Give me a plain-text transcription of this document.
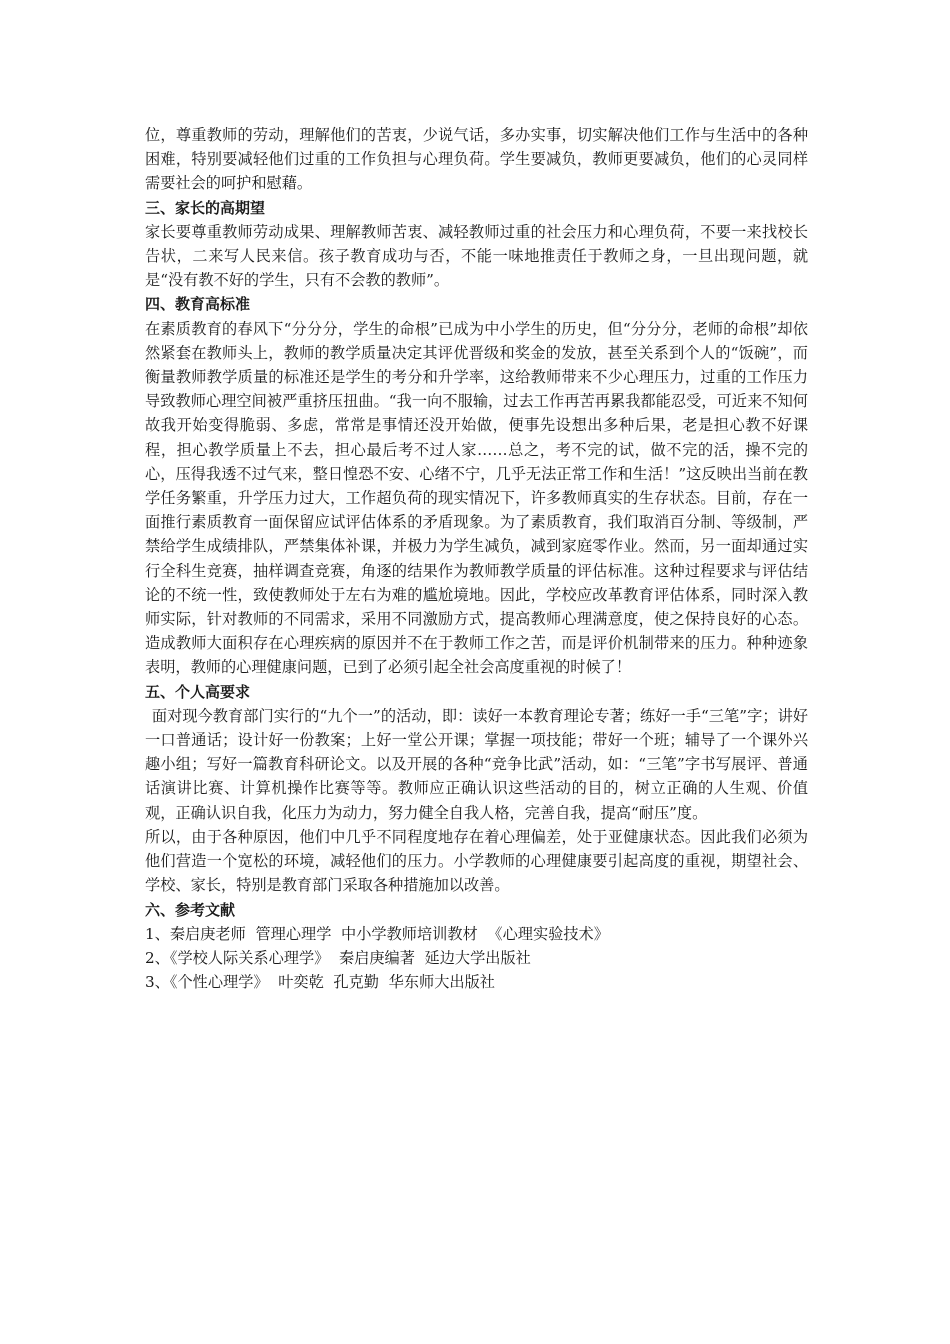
位，尊重教师的劳动，理解他们的苦衷，少说气话，多办实事，切实解决他们工作与生活中的各种困难，特别要减轻他们过重的工作负担与心理负荷。学生要减负，教师更要减负，他们的心灵同样需要社会的呵护和慰藉。

三、家长的高期望

家长要尊重教师劳动成果、理解教师苦衷、减轻教师过重的社会压力和心理负荷，不要一来找校长告状，二来写人民来信。孩子教育成功与否，不能一味地推责任于教师之身，一旦出现问题，就是“没有教不好的学生，只有不会教的教师”。

四、教育高标准

在素质教育的春风下“分分分，学生的命根”已成为中小学生的历史，但“分分分，老师的命根”却依然紧套在教师头上，教师的教学质量决定其评优晋级和奖金的发放，甚至关系到个人的“饭碗”，而衡量教师教学质量的标准还是学生的考分和升学率，这给教师带来不少心理压力，过重的工作压力导致教师心理空间被严重挤压扭曲。“我一向不服输，过去工作再苦再累我都能忍受，可近来不知何故我开始变得脆弱、多虑，常常是事情还没开始做，便事先设想出多种后果，老是担心教不好课程，担心教学质量上不去，担心最后考不过人家……总之，考不完的试，做不完的活，操不完的心，压得我透不过气来，整日惶恐不安、心绪不宁，几乎无法正常工作和生活！”这反映出当前在教学任务繁重，升学压力过大，工作超负荷的现实情况下，许多教师真实的生存状态。目前，存在一面推行素质教育一面保留应试评估体系的矛盾现象。为了素质教育，我们取消百分制、等级制，严禁给学生成绩排队，严禁集体补课，并极力为学生减负，减到家庭零作业。然而，另一面却通过实行全科生竞赛，抽样调查竞赛，角逐的结果作为教师教学质量的评估标准。这种过程要求与评估结论的不统一性，致使教师处于左右为难的尴尬境地。因此，学校应改革教育评估体系，同时深入教师实际，针对教师的不同需求，采用不同激励方式，提高教师心理满意度，使之保持良好的心态。造成教师大面积存在心理疾病的原因并不在于教师工作之苦，而是评价机制带来的压力。种种迹象表明，教师的心理健康问题，已到了必须引起全社会高度重视的时候了！

五、个人高要求

面对现今教育部门实行的“九个一”的活动，即：读好一本教育理论专著；练好一手“三笔”字；讲好一口普通话；设计好一份教案；上好一堂公开课；掌握一项技能；带好一个班；辅导了一个课外兴趣小组；写好一篇教育科研论文。以及开展的各种“竞争比武”活动，如：“三笔”字书写展评、普通话演讲比赛、计算机操作比赛等等。教师应正确认识这些活动的目的，树立正确的人生观、价值观，正确认识自我，化压力为动力，努力健全自我人格，完善自我，提高“耐压”度。

所以，由于各种原因，他们中几乎不同程度地存在着心理偏差，处于亚健康状态。因此我们必须为他们营造一个宽松的环境，减轻他们的压力。小学教师的心理健康要引起高度的重视，期望社会、学校、家长，特别是教育部门采取各种措施加以改善。

六、参考文献

1、秦启庚老师  管理心理学  中小学教师培训教材  《心理实验技术》

2、《学校人际关系心理学》  秦启庚编著  延边大学出版社

3、《个性心理学》  叶奕乾  孔克勤  华东师大出版社
